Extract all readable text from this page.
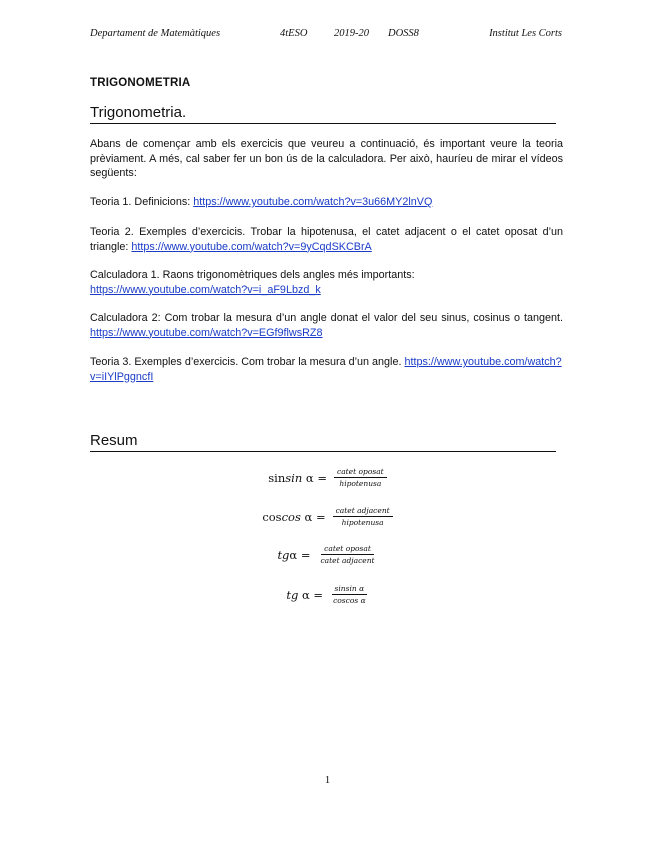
Departament de Matemàtiques	4tESO	2019-20 DOSS8	Institut Les Corts
TRIGONOMETRIA
Trigonometria.
Abans de començar amb els exercicis que veureu a continuació, és important veure la teoria prèviament. A més, cal saber fer un bon ús de la calculadora. Per això, hauríeu de mirar el vídeos següents:
Teoria 1. Definicions: https://www.youtube.com/watch?v=3u66MY2lnVQ
Teoria 2. Exemples d’exercicis. Trobar la hipotenusa, el catet adjacent o el catet oposat d’un triangle: https://www.youtube.com/watch?v=9yCqdSKCBrA
Calculadora 1. Raons trigonomètriques dels angles més importants: https://www.youtube.com/watch?v=i_aF9Lbzd_k
Calculadora 2: Com trobar la mesura d’un angle donat el valor del seu sinus, cosinus o tangent. https://www.youtube.com/watch?v=EGf9flwsRZ8
Teoria 3. Exemples d’exercicis. Com trobar la mesura d’un angle. https://www.youtube.com/watch?v=iIYlPggncfI
Resum
sinsin $\alpha = \frac{\text{catet oposat}}{\text{hipotenusa}}$
coscos $\alpha = \frac{\text{catet adjacent}}{\text{hipotenusa}}$
$tg\alpha = \frac{\text{catet oposat}}{\text{catet adjacent}}$
tg $\alpha = \frac{\text{sinsin α}}{\text{coscos α}}$
1
